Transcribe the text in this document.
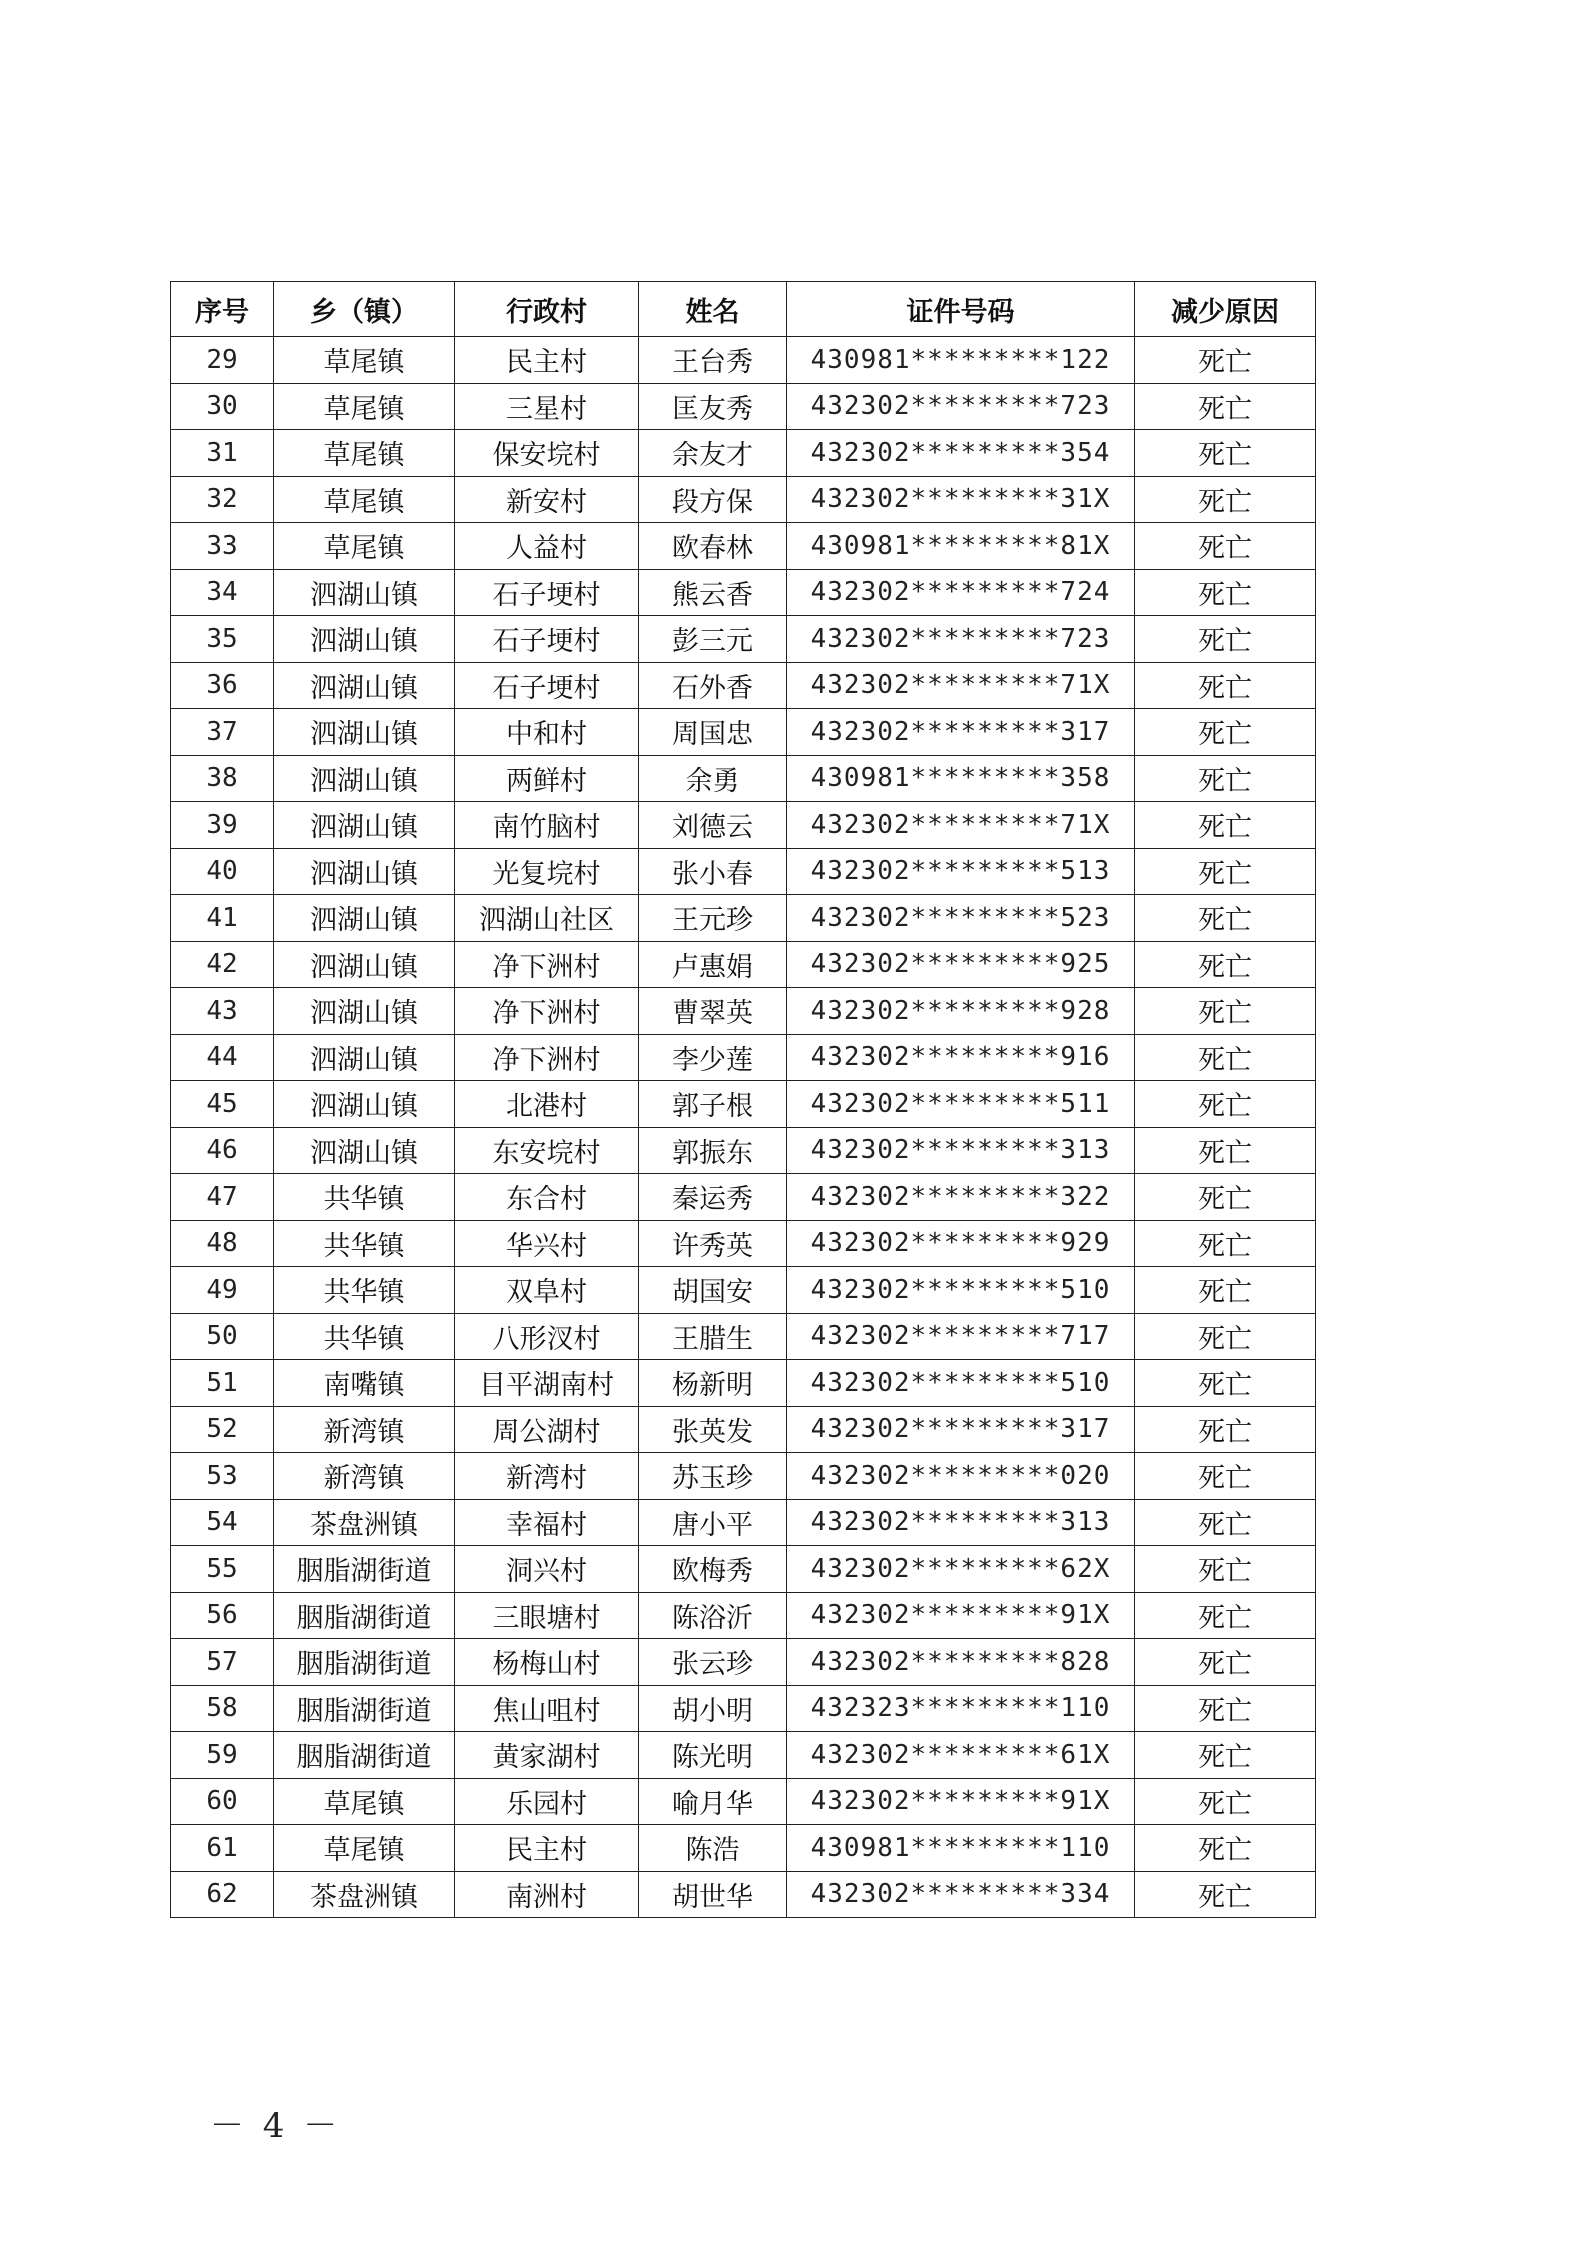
序号	乡（镇）	行政村	姓名	证件号码	减少原因
29	草尾镇	民主村	王台秀	430981*********122	死亡
30	草尾镇	三星村	匡友秀	432302*********723	死亡
31	草尾镇	保安垸村	余友才	432302*********354	死亡
32	草尾镇	新安村	段方保	432302*********31X	死亡
33	草尾镇	人益村	欧春林	430981*********81X	死亡
34	泗湖山镇	石子埂村	熊云香	432302*********724	死亡
35	泗湖山镇	石子埂村	彭三元	432302*********723	死亡
36	泗湖山镇	石子埂村	石外香	432302*********71X	死亡
37	泗湖山镇	中和村	周国忠	432302*********317	死亡
38	泗湖山镇	两鲜村	余勇	430981*********358	死亡
39	泗湖山镇	南竹脑村	刘德云	432302*********71X	死亡
40	泗湖山镇	光复垸村	张小春	432302*********513	死亡
41	泗湖山镇	泗湖山社区	王元珍	432302*********523	死亡
42	泗湖山镇	净下洲村	卢惠娟	432302*********925	死亡
43	泗湖山镇	净下洲村	曹翠英	432302*********928	死亡
44	泗湖山镇	净下洲村	李少莲	432302*********916	死亡
45	泗湖山镇	北港村	郭子根	432302*********511	死亡
46	泗湖山镇	东安垸村	郭振东	432302*********313	死亡
47	共华镇	东合村	秦运秀	432302*********322	死亡
48	共华镇	华兴村	许秀英	432302*********929	死亡
49	共华镇	双阜村	胡国安	432302*********510	死亡
50	共华镇	八形汊村	王腊生	432302*********717	死亡
51	南嘴镇	目平湖南村	杨新明	432302*********510	死亡
52	新湾镇	周公湖村	张英发	432302*********317	死亡
53	新湾镇	新湾村	苏玉珍	432302*********020	死亡
54	茶盘洲镇	幸福村	唐小平	432302*********313	死亡
55	胭脂湖街道	洞兴村	欧梅秀	432302*********62X	死亡
56	胭脂湖街道	三眼塘村	陈浴沂	432302*********91X	死亡
57	胭脂湖街道	杨梅山村	张云珍	432302*********828	死亡
58	胭脂湖街道	焦山咀村	胡小明	432323*********110	死亡
59	胭脂湖街道	黄家湖村	陈光明	432302*********61X	死亡
60	草尾镇	乐园村	喻月华	432302*********91X	死亡
61	草尾镇	民主村	陈浩	430981*********110	死亡
62	茶盘洲镇	南洲村	胡世华	432302*********334	死亡
－ 4 －
